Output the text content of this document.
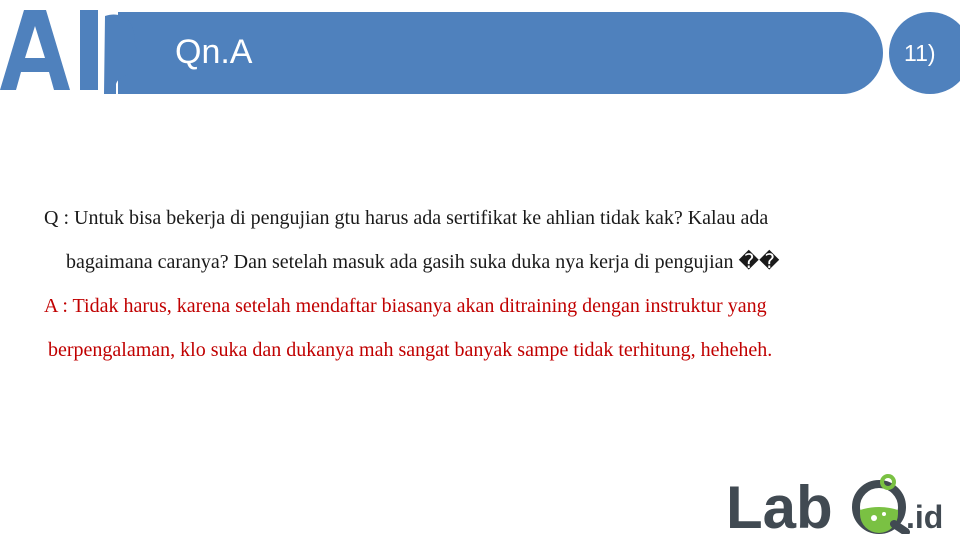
Qn.A	11)
Q : Untuk bisa bekerja di pengujian gtu harus ada sertifikat ke ahlian tidak kak? Kalau ada
bagaimana caranya? Dan setelah masuk ada gasih suka duka nya kerja di pengujian ��
A : Tidak harus, karena setelah mendaftar biasanya akan ditraining dengan instruktur yang
berpengalaman, klo suka dan dukanya mah sangat banyak sampe tidak terhitung, heheheh.
Lab .id
